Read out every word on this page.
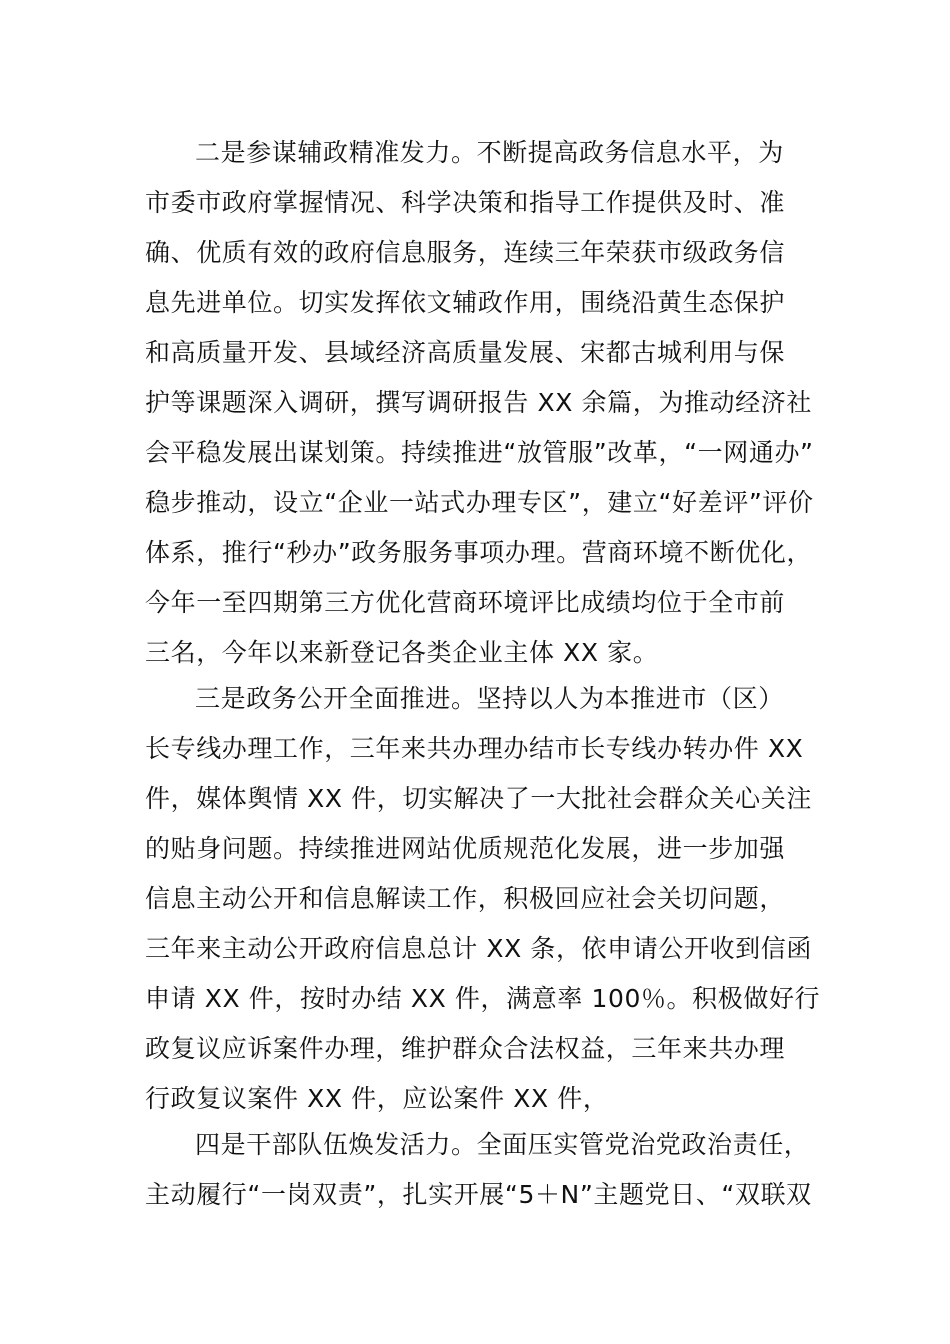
二是参谋辅政精准发力。不断提高政务信息水平，为
市委市政府掌握情况、科学决策和指导工作提供及时、准
确、优质有效的政府信息服务，连续三年荣获市级政务信
息先进单位。切实发挥依文辅政作用，围绕沿黄生态保护
和高质量开发、县域经济高质量发展、宋都古城利用与保
护等课题深入调研，撰写调研报告 XX 余篇，为推动经济社
会平稳发展出谋划策。持续推进“放管服”改革，“一网通办”
稳步推动，设立“企业一站式办理专区”，建立“好差评”评价
体系，推行“秒办”政务服务事项办理。营商环境不断优化，
今年一至四期第三方优化营商环境评比成绩均位于全市前
三名，今年以来新登记各类企业主体 XX 家。
三是政务公开全面推进。坚持以人为本推进市（区）
长专线办理工作，三年来共办理办结市长专线办转办件 XX
件，媒体舆情 XX 件，切实解决了一大批社会群众关心关注
的贴身问题。持续推进网站优质规范化发展，进一步加强
信息主动公开和信息解读工作，积极回应社会关切问题，
三年来主动公开政府信息总计 XX 条，依申请公开收到信函
申请 XX 件，按时办结 XX 件，满意率 100％。积极做好行
政复议应诉案件办理，维护群众合法权益，三年来共办理
行政复议案件 XX 件，应讼案件 XX 件，
四是干部队伍焕发活力。全面压实管党治党政治责任，
主动履行“一岗双责”，扎实开展“5＋N”主题党日、“双联双
